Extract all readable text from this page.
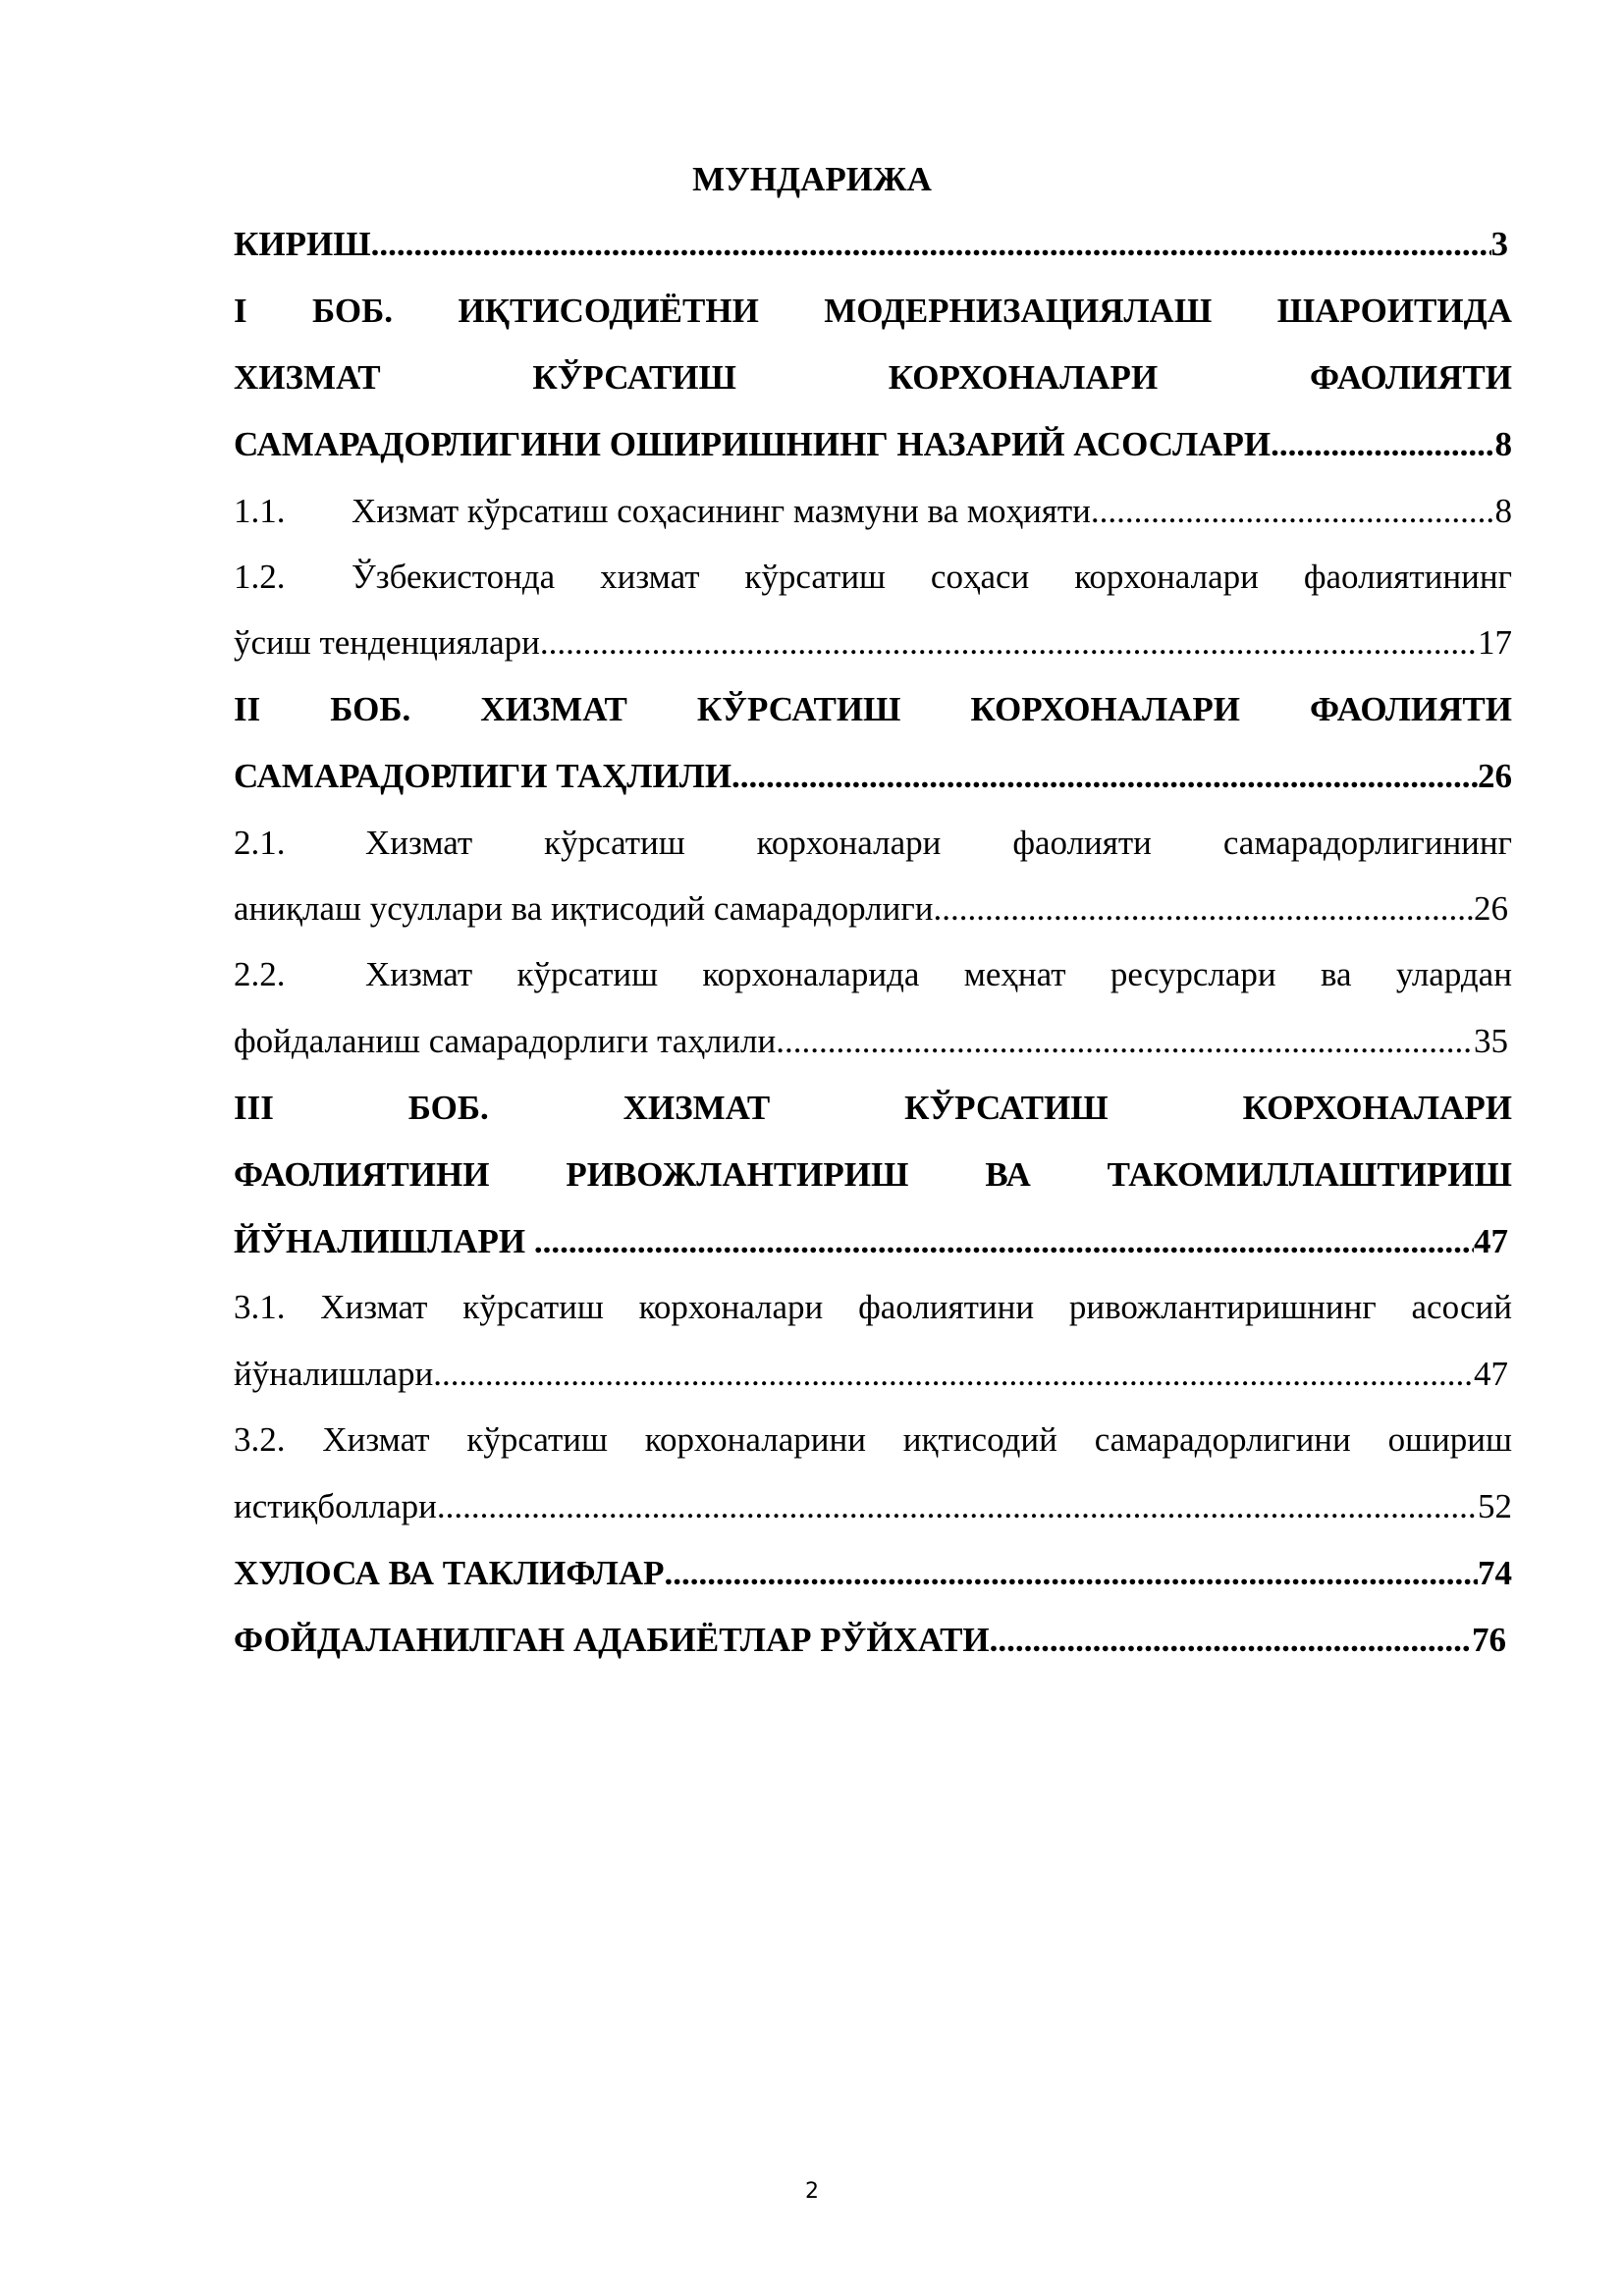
МУНДАРИЖА
КИРИШ .....	3
I БОБ. ИҚТИСОДИЁТНИ МОДЕРНИЗАЦИЯЛАШ ШАРОИТИДА
ХИЗМАТ	КЎРСАТИШ	КОРХОНАЛАРИ	ФАОЛИЯТИ
САМАРАДОРЛИГИНИ ОШИРИШНИНГ НАЗАРИЙ АСОСЛАРИ .....	8
1.1.	Хизмат кўрсатиш соҳасининг мазмуни ва моҳияти .....	8
1.2.	Ўзбекистонда хизмат кўрсатиш соҳаси корхоналари фаолиятининг
ўсиш тенденциялари .....	17
II БОБ. ХИЗМАТ КЎРСАТИШ КОРХОНАЛАРИ ФАОЛИЯТИ
САМАРАДОРЛИГИ ТАҲЛИЛИ .....	26
2.1.	Хизмат кўрсатиш корхоналари фаолияти самарадорлигининг
аниқлаш усуллари ва иқтисодий самарадорлиги .....	26
2.2.	Хизмат кўрсатиш корхоналарида меҳнат ресурслари ва улардан
фойдаланиш самарадорлиги таҳлили .....	35
III	БОБ.	ХИЗМАТ	КЎРСАТИШ	КОРХОНАЛАРИ
ФАОЛИЯТИНИ РИВОЖЛАНТИРИШ ВА ТАКОМИЛЛАШТИРИШ
ЙЎНАЛИШЛАРИ .....	47
3.1. Хизмат кўрсатиш корхоналари фаолиятини ривожлантиришнинг асосий
йўналишлари .....	47
3.2. Хизмат кўрсатиш корхоналарини иқтисодий самарадорлигини ошириш
истиқболлари .....	52
ХУЛОСА ВА ТАКЛИФЛАР .....	74
ФОЙДАЛАНИЛГАН АДАБИЁТЛАР РЎЙХАТИ .....	76

2
